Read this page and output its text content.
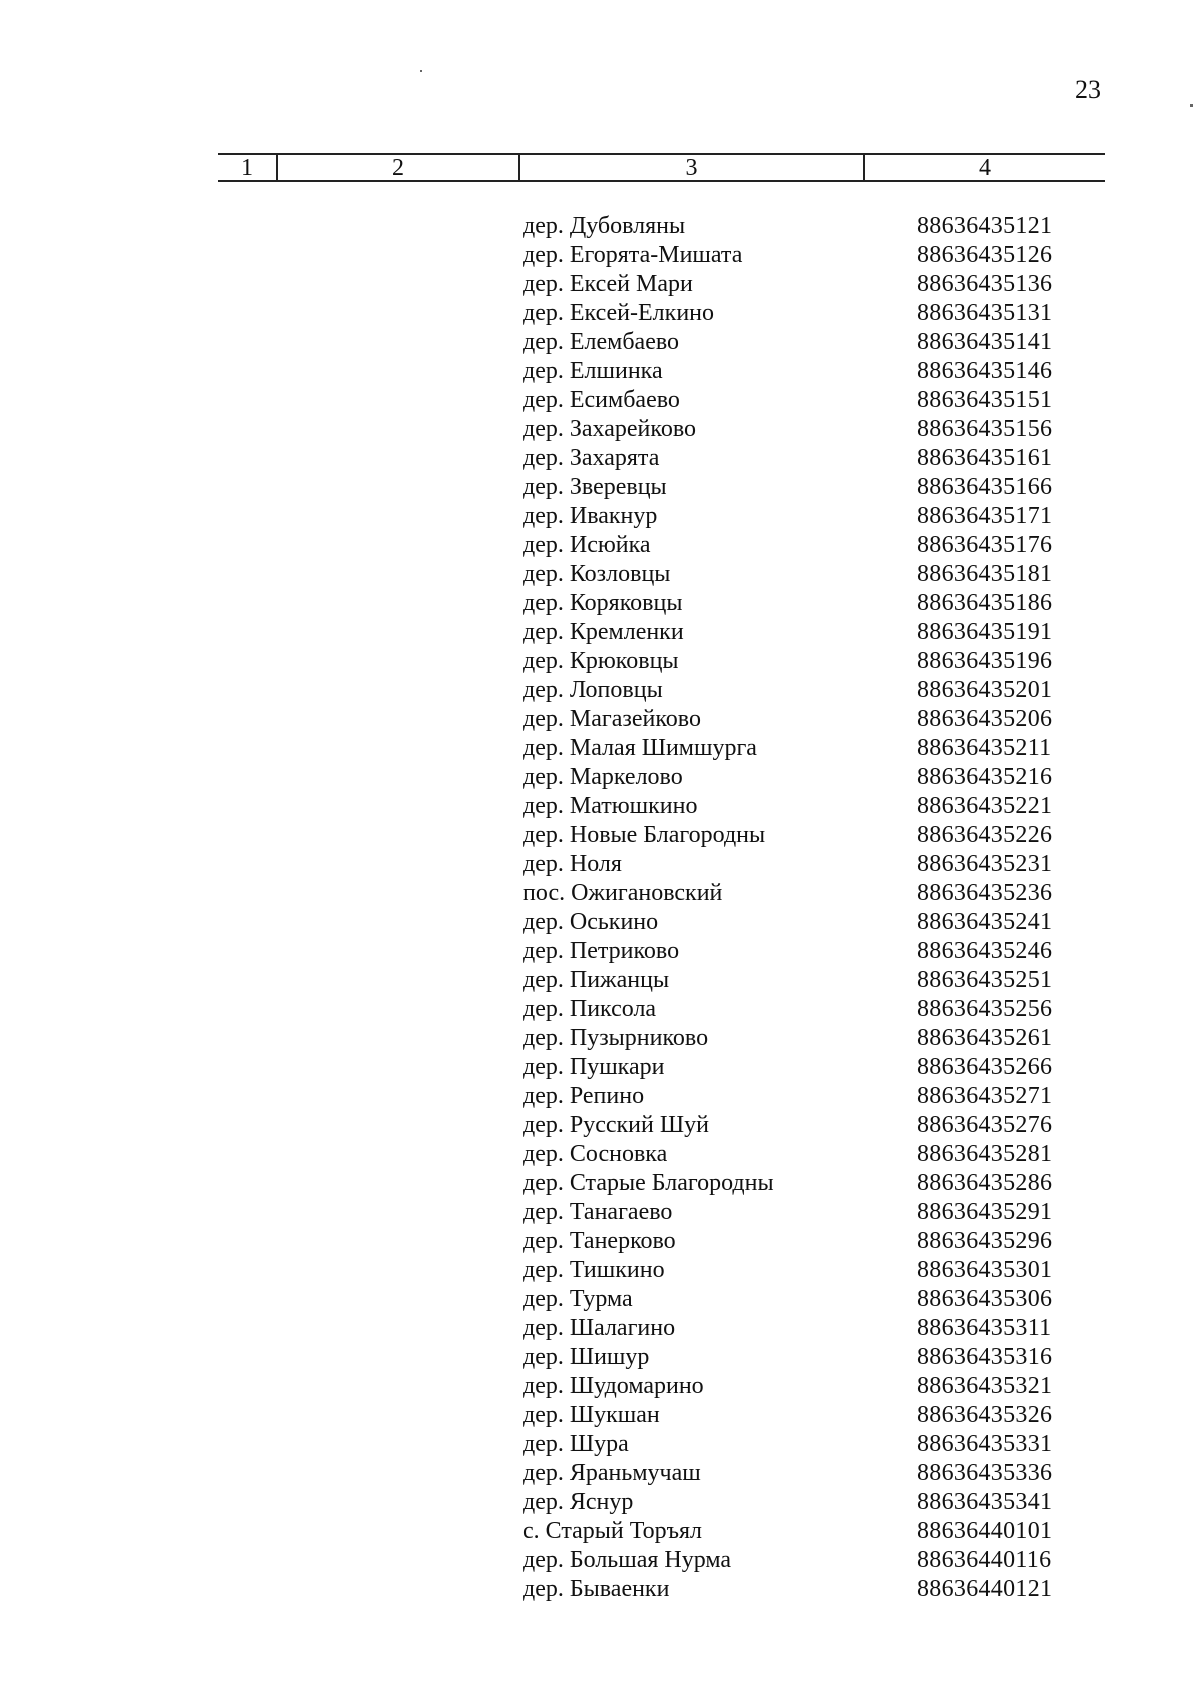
23
1	2	3	4
дер. Дубовляны	88636435121
дер. Егорята-Мишата	88636435126
дер. Ексей Мари	88636435136
дер. Ексей-Елкино	88636435131
дер. Елембаево	88636435141
дер. Елшинка	88636435146
дер. Есимбаево	88636435151
дер. Захарейково	88636435156
дер. Захарята	88636435161
дер. Зверевцы	88636435166
дер. Ивакнур	88636435171
дер. Исюйка	88636435176
дер. Козловцы	88636435181
дер. Коряковцы	88636435186
дер. Кремленки	88636435191
дер. Крюковцы	88636435196
дер. Лоповцы	88636435201
дер. Магазейково	88636435206
дер. Малая Шимшурга	88636435211
дер. Маркелово	88636435216
дер. Матюшкино	88636435221
дер. Новые Благородны	88636435226
дер. Ноля	88636435231
пос. Ожигановский	88636435236
дер. Оськино	88636435241
дер. Петриково	88636435246
дер. Пижанцы	88636435251
дер. Пиксола	88636435256
дер. Пузырниково	88636435261
дер. Пушкари	88636435266
дер. Репино	88636435271
дер. Русский Шуй	88636435276
дер. Сосновка	88636435281
дер. Старые Благородны	88636435286
дер. Танагаево	88636435291
дер. Танерково	88636435296
дер. Тишкино	88636435301
дер. Турма	88636435306
дер. Шалагино	88636435311
дер. Шишур	88636435316
дер. Шудомарино	88636435321
дер. Шукшан	88636435326
дер. Шура	88636435331
дер. Яраньмучаш	88636435336
дер. Яснур	88636435341
с. Старый Торъял	88636440101
дер. Большая Нурма	88636440116
дер. Бываенки	88636440121
